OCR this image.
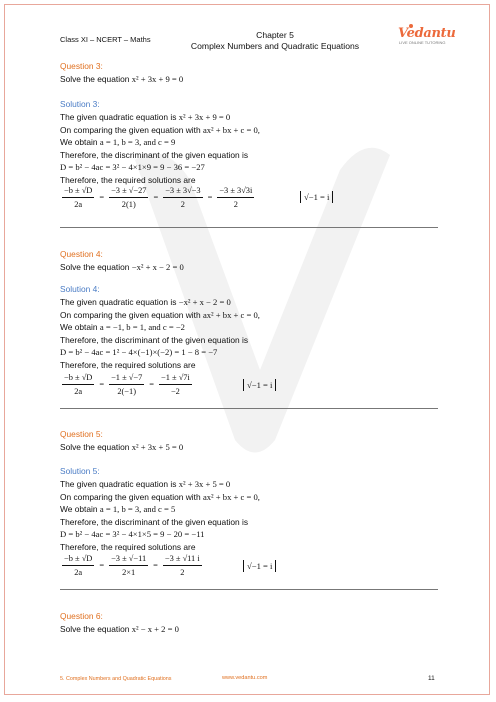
Class XI – NCERT – Maths	Chapter 5
Complex Numbers and Quadratic Equations
Vedantu
LIVE ONLINE TUTORING
Question 3:
Solve the equation x² + 3x + 9 = 0
Solution 3:
The given quadratic equation is x² + 3x + 9 = 0
On comparing the given equation with ax² + bx + c = 0,
We obtain a = 1, b = 3, and c = 9
Therefore, the discriminant of the given equation is
D = b² − 4ac = 3² − 4×1×9 = 9 − 36 = −27
Therefore, the required solutions are
$\frac{-b \pm √D}{2a} = \frac{-3 \pm √-27}{2(1)} = \frac{-3 \pm 3√-3}{2} = \frac{-3 \pm 3√3i}{2}$	√−1 = i
Question 4:
Solve the equation −x² + x − 2 = 0
Solution 4:
The given quadratic equation is −x² + x − 2 = 0
On comparing the given equation with ax² + bx + c = 0,
We obtain a = −1, b = 1, and c = −2
Therefore, the discriminant of the given equation is
D = b² − 4ac = 1² − 4×(−1)×(−2) = 1 − 8 = −7
Therefore, the required solutions are
$\frac{-b \pm √D}{2a} = \frac{-1 \pm √-7}{2(-1)} = \frac{-1 \pm √7i}{-2}$	√−1 = i
Question 5:
Solve the equation x² + 3x + 5 = 0
Solution 5:
The given quadratic equation is x² + 3x + 5 = 0
On comparing the given equation with ax² + bx + c = 0,
We obtain a = 1, b = 3, and c = 5
Therefore, the discriminant of the given equation is
D = b² − 4ac = 3² − 4×1×5 = 9 − 20 = −11
Therefore, the required solutions are
$\frac{-b \pm √D}{2a} = \frac{-3 \pm √-11}{2\times 1} = \frac{-3 \pm √11 i}{2}$	√−1 = i
Question 6:
Solve the equation x² − x + 2 = 0
5. Complex Numbers and Quadratic Equations	www.vedantu.com	11
